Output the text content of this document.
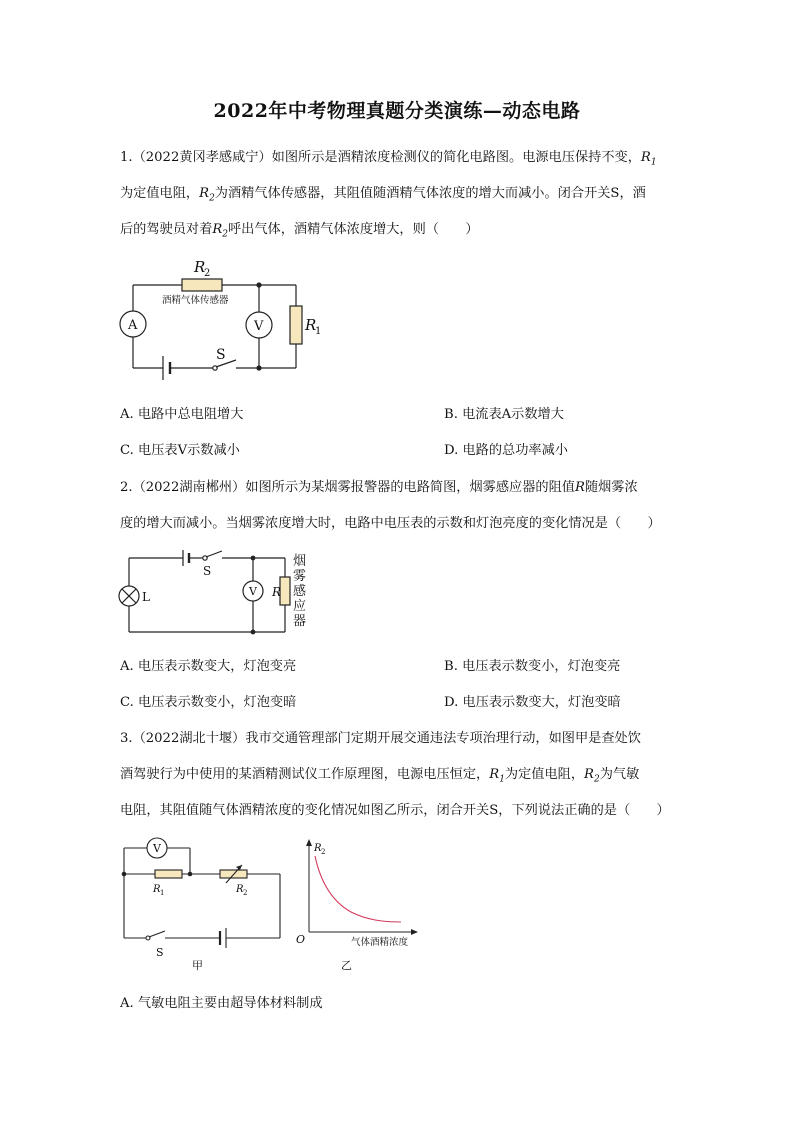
2022年中考物理真题分类演练—动态电路
1.（2022黄冈孝感咸宁）如图所示是酒精浓度检测仪的简化电路图。电源电压保持不变，$R_1$
为定值电阻，$R_2$为酒精气体传感器，其阻值随酒精气体浓度的增大而减小。闭合开关S，酒
后的驾驶员对着$R_2$呼出气体，酒精气体浓度增大，则（　　）
R
2
酒精气体传感器
A	V	R
1
S
A. 电路中总电阻增大	B. 电流表A示数增大
C. 电压表V示数减小	D. 电路的总功率减小
2.（2022湖南郴州）如图所示为某烟雾报警器的电路简图，烟雾感应器的阻值R随烟雾浓
度的增大而减小。当烟雾浓度增大时，电路中电压表的示数和灯泡亮度的变化情况是（　　）
S
L	V R
烟
雾
感
应
器
A. 电压表示数变大，灯泡变亮	B. 电压表示数变小，灯泡变亮
C. 电压表示数变小，灯泡变暗	D. 电压表示数变大，灯泡变暗
3.（2022湖北十堰）我市交通管理部门定期开展交通违法专项治理行动，如图甲是查处饮
酒驾驶行为中使用的某酒精测试仪工作原理图，电源电压恒定，$R_1$为定值电阻，$R_2$为气敏
电阻，其阻值随气体酒精浓度的变化情况如图乙所示，闭合开关S，下列说法正确的是（　　）
V
R 1	R 2
S
甲
R 2
O	气体酒精浓度
乙
A. 气敏电阻主要由超导体材料制成
